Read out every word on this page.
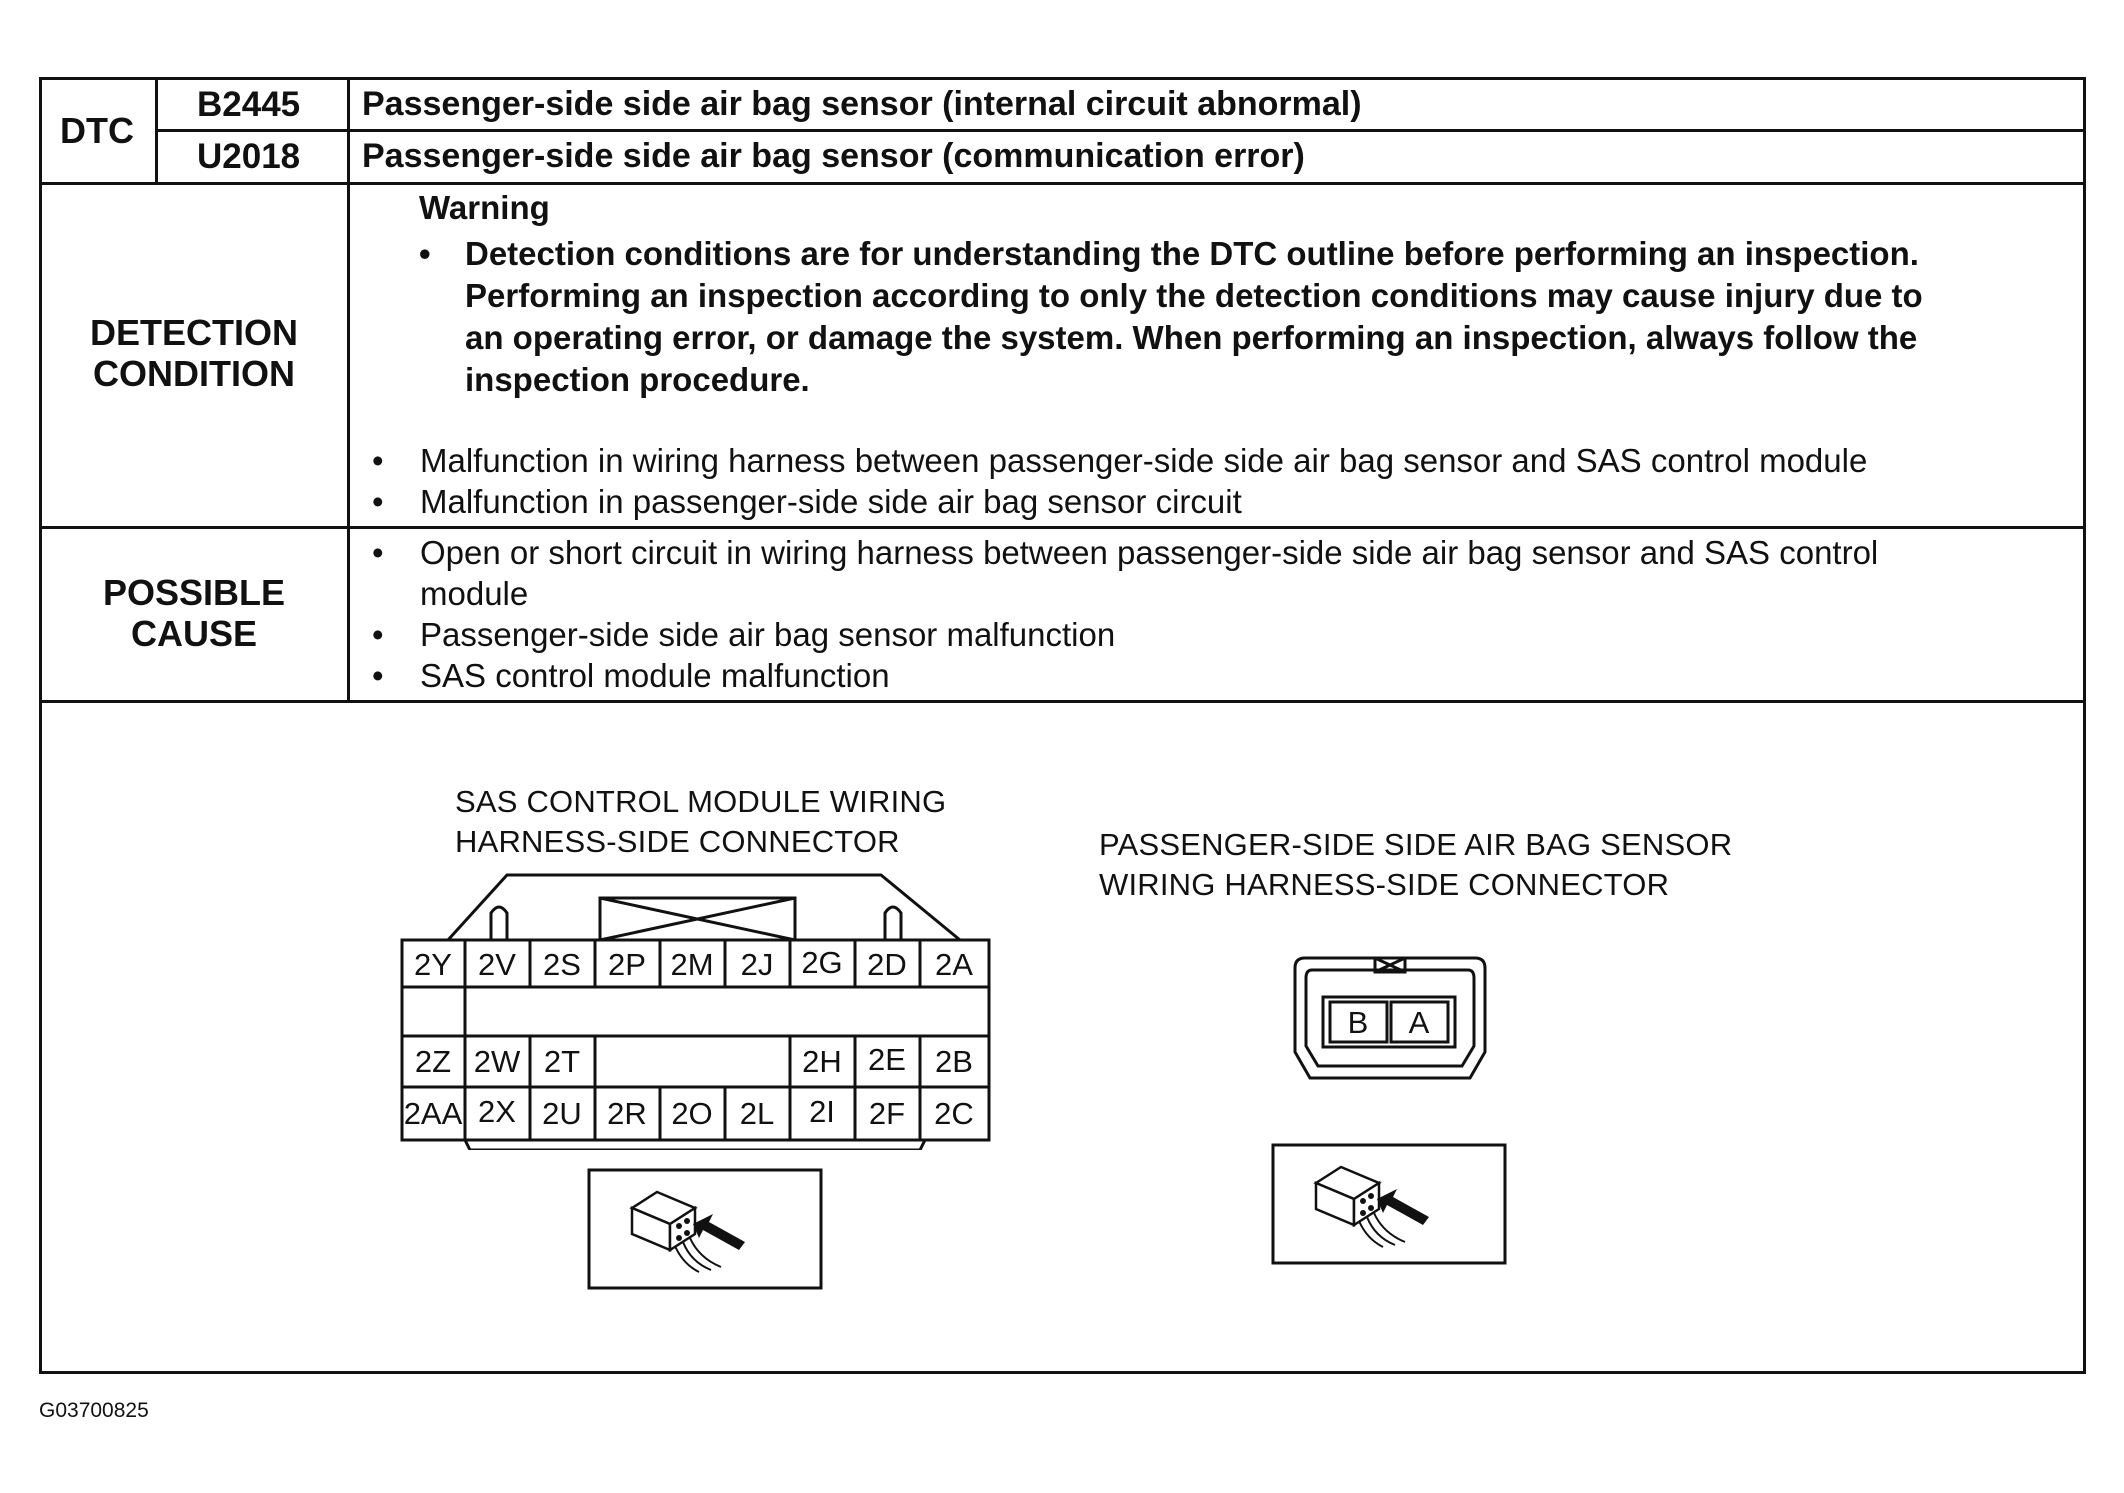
DTC
B2445 Passenger-side side air bag sensor (internal circuit abnormal)
U2018 Passenger-side side air bag sensor (communication error)
DETECTION
CONDITION
Warning
• Detection conditions are for understanding the DTC outline before performing an inspection.
Performing an inspection according to only the detection conditions may cause injury due to
an operating error, or damage the system. When performing an inspection, always follow the
inspection procedure.
• Malfunction in wiring harness between passenger-side side air bag sensor and SAS control module
• Malfunction in passenger-side side air bag sensor circuit
POSSIBLE
CAUSE
• Open or short circuit in wiring harness between passenger-side side air bag sensor and SAS control
module
• Passenger-side side air bag sensor malfunction
• SAS control module malfunction
SAS CONTROL MODULE WIRING
HARNESS-SIDE CONNECTOR	PASSENGER-SIDE SIDE AIR BAG SENSOR
WIRING HARNESS-SIDE CONNECTOR
2Y 2V 2S 2P 2M 2J 2G 2D 2A
2Z 2W 2T	2H 2E 2B
2AA 2X 2U 2R 2O 2L 2I 2F 2C
B A
G03700825
